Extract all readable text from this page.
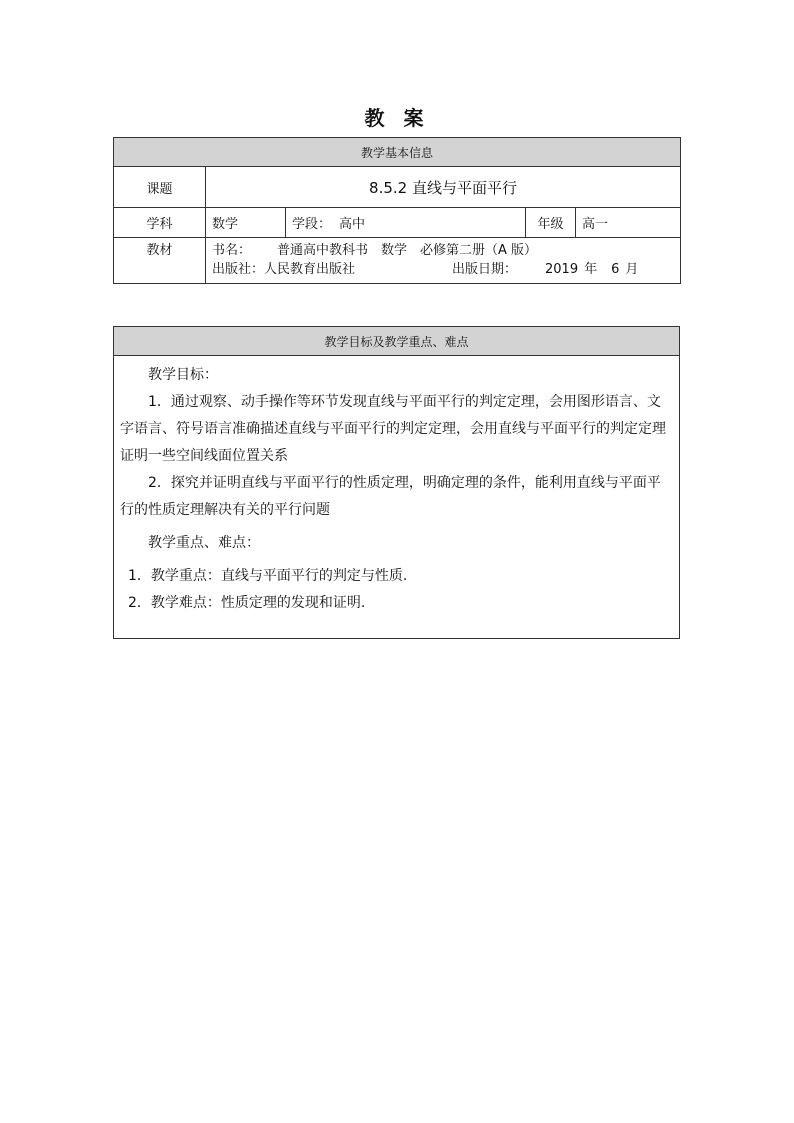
教 案
教学基本信息				
课题	8.5.2 直线与平面平行			
学科	数学	学段： 高中	年级	高一
教材	书名： 普通高中教科书　数学　必修第二册（A 版）
出版社：人民教育出版社 出版日期： 2019 年 6 月			
教学目标及教学重点、难点

教学目标：

1．通过观察、动手操作等环节发现直线与平面平行的判定定理，会用图形语言、文字语言、符号语言准确描述直线与平面平行的判定定理，会用直线与平面平行的判定定理证明一些空间线面位置关系

2．探究并证明直线与平面平行的性质定理，明确定理的条件，能利用直线与平面平行的性质定理解决有关的平行问题

教学重点、难点：

1．教学重点：直线与平面平行的判定与性质.

2．教学难点：性质定理的发现和证明.
